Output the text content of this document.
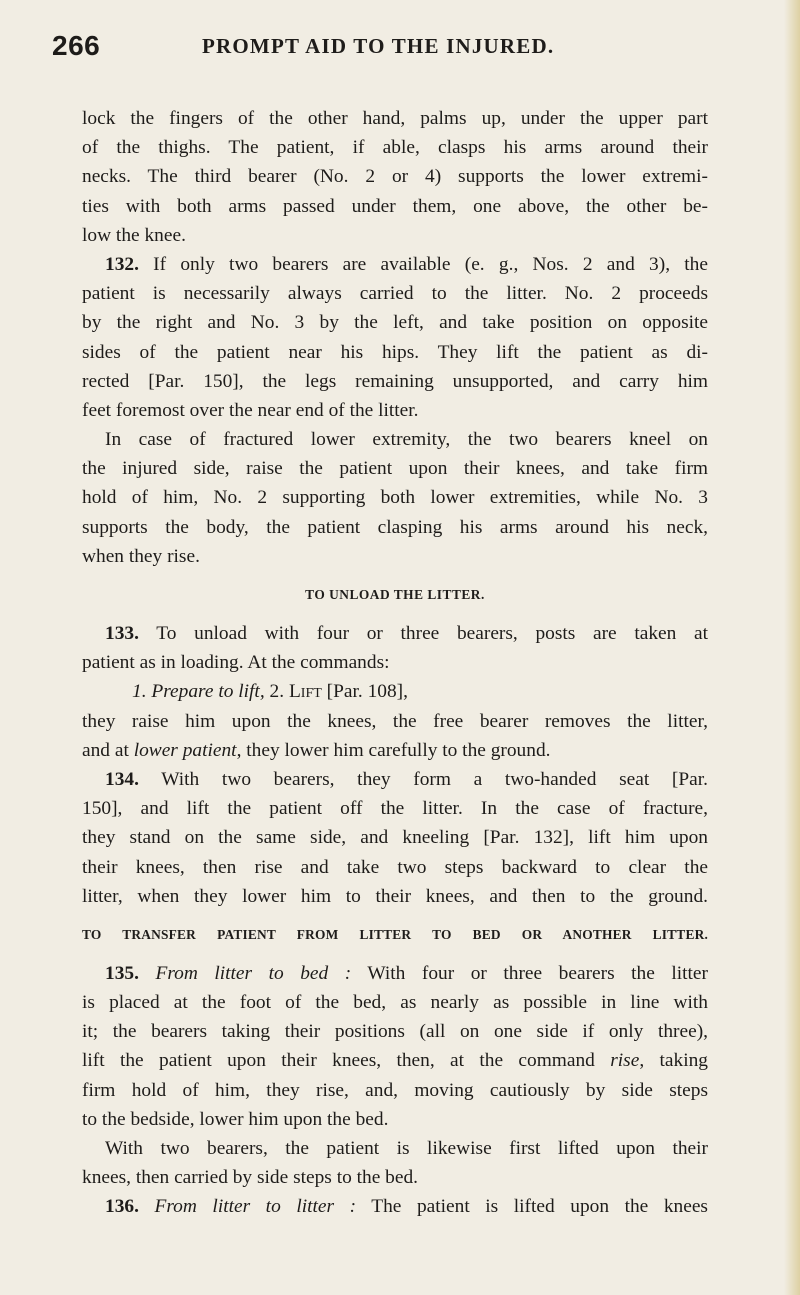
266	PROMPT AID TO THE INJURED.
lock the fingers of the other hand, palms up, under the upper part
of the thighs. The patient, if able, clasps his arms around their
necks. The third bearer (No. 2 or 4) supports the lower extremi-
ties with both arms passed under them, one above, the other be-
low the knee.
132. If only two bearers are available (e. g., Nos. 2 and 3), the
patient is necessarily always carried to the litter. No. 2 proceeds
by the right and No. 3 by the left, and take position on opposite
sides of the patient near his hips. They lift the patient as di-
rected [Par. 150], the legs remaining unsupported, and carry him
feet foremost over the near end of the litter.
In case of fractured lower extremity, the two bearers kneel on
the injured side, raise the patient upon their knees, and take firm
hold of him, No. 2 supporting both lower extremities, while No. 3
supports the body, the patient clasping his arms around his neck,
when they rise.
TO UNLOAD THE LITTER.
133. To unload with four or three bearers, posts are taken at
patient as in loading. At the commands:
1. Prepare to lift, 2. Lift [Par. 108],
they raise him upon the knees, the free bearer removes the litter,
and at lower patient, they lower him carefully to the ground.
134. With two bearers, they form a two-handed seat [Par.
150], and lift the patient off the litter. In the case of fracture,
they stand on the same side, and kneeling [Par. 132], lift him upon
their knees, then rise and take two steps backward to clear the
litter, when they lower him to their knees, and then to the ground.
TO TRANSFER PATIENT FROM LITTER TO BED OR ANOTHER LITTER.
135. From litter to bed : With four or three bearers the litter
is placed at the foot of the bed, as nearly as possible in line with
it; the bearers taking their positions (all on one side if only three),
lift the patient upon their knees, then, at the command rise, taking
firm hold of him, they rise, and, moving cautiously by side steps
to the bedside, lower him upon the bed.
With two bearers, the patient is likewise first lifted upon their
knees, then carried by side steps to the bed.
136. From litter to litter : The patient is lifted upon the knees
